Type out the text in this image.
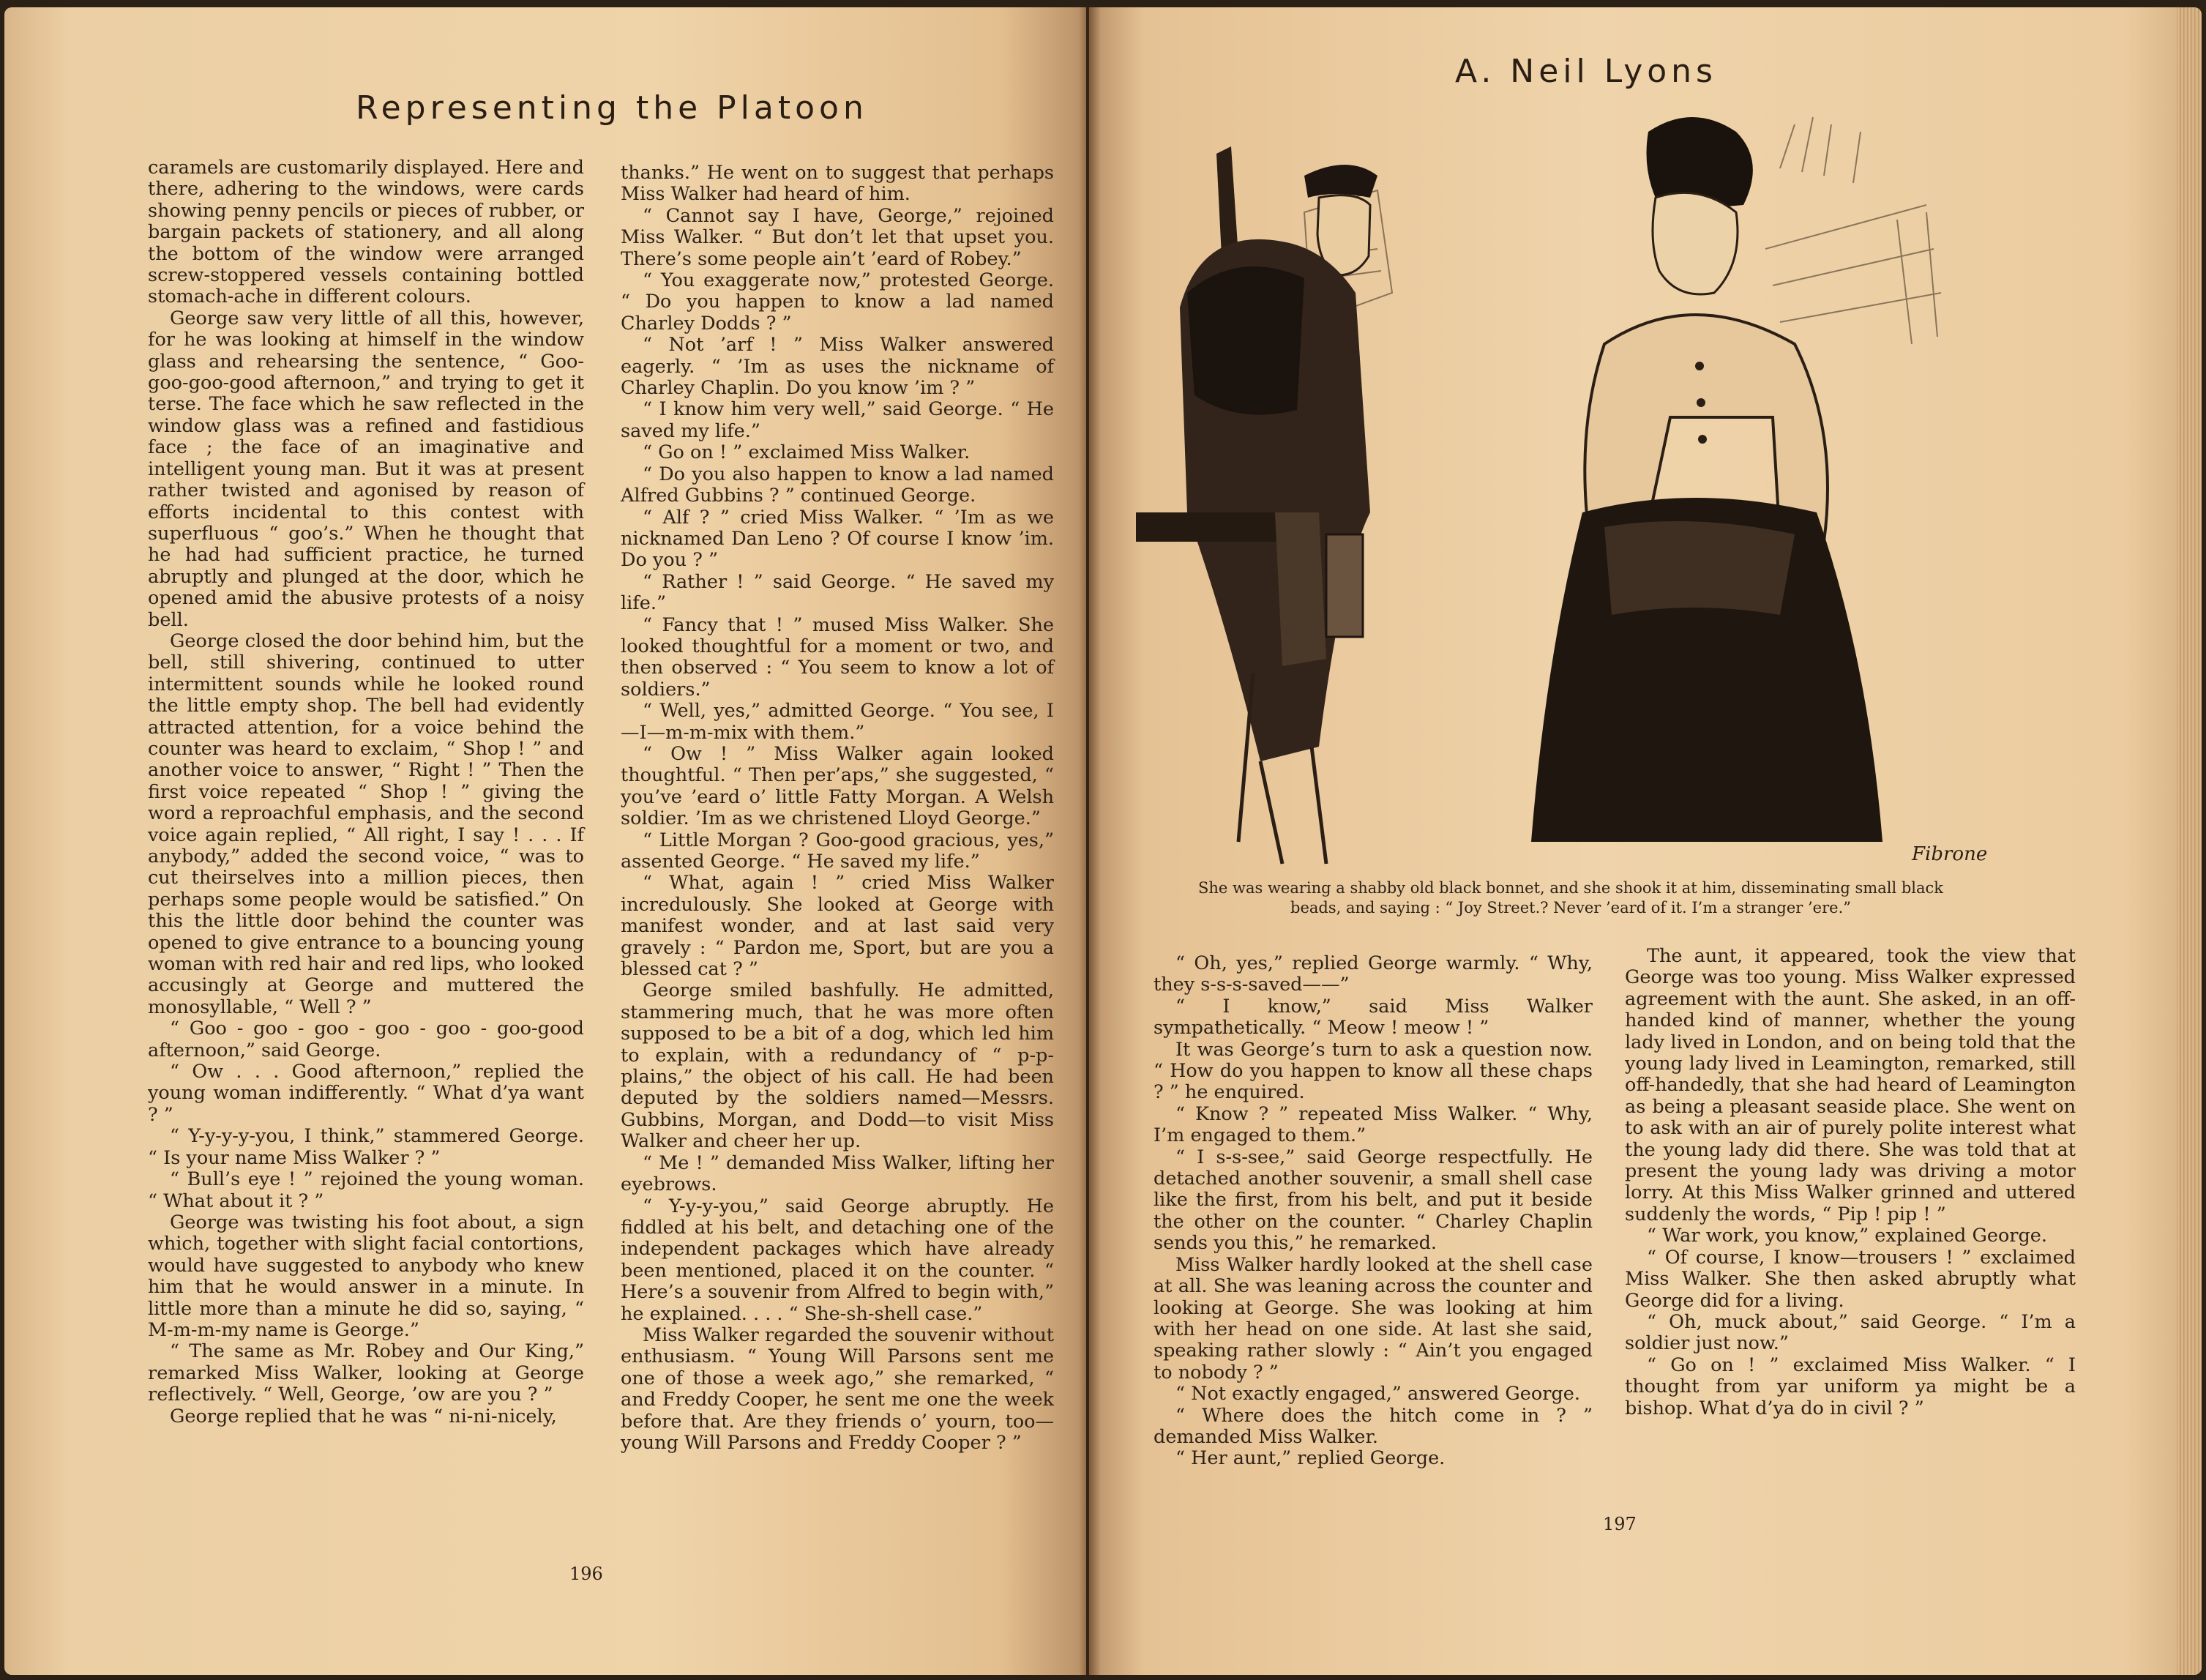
Representing the Platoon

caramels are customarily displayed. Here and there, adhering to the windows, were cards showing penny pencils or pieces of rubber, or bargain packets of stationery, and all along the bottom of the window were arranged screw-stoppered vessels containing bottled stomach-ache in different colours.

George saw very little of all this, however, for he was looking at himself in the window glass and rehearsing the sentence, “ Goo-goo-goo-good afternoon,” and trying to get it terse. The face which he saw reflected in the window glass was a refined and fastidious face ; the face of an imaginative and intelligent young man. But it was at present rather twisted and agonised by reason of efforts incidental to this contest with superfluous “ goo’s.” When he thought that he had had sufficient practice, he turned abruptly and plunged at the door, which he opened amid the abusive protests of a noisy bell.

George closed the door behind him, but the bell, still shivering, continued to utter intermittent sounds while he looked round the little empty shop. The bell had evidently attracted attention, for a voice behind the counter was heard to exclaim, “ Shop ! ” and another voice to answer, “ Right ! ” Then the first voice repeated “ Shop ! ” giving the word a reproachful emphasis, and the second voice again replied, “ All right, I say ! . . . If anybody,” added the second voice, “ was to cut theirselves into a million pieces, then perhaps some people would be satisfied.” On this the little door behind the counter was opened to give entrance to a bouncing young woman with red hair and red lips, who looked accusingly at George and muttered the monosyllable, “ Well ? ”

“ Goo - goo - goo - goo - goo - goo-good afternoon,” said George.

“ Ow . . . Good afternoon,” replied the young woman indifferently. “ What d’ya want ? ”

“ Y-y-y-y-you, I think,” stammered George. “ Is your name Miss Walker ? ”

“ Bull’s eye ! ” rejoined the young woman. “ What about it ? ”

George was twisting his foot about, a sign which, together with slight facial contortions, would have suggested to anybody who knew him that he would answer in a minute. In little more than a minute he did so, saying, “ M-m-m-my name is George.”

“ The same as Mr. Robey and Our King,” remarked Miss Walker, looking at George reflectively. “ Well, George, ’ow are you ? ”

George replied that he was “ ni-ni-nicely,

thanks.” He went on to suggest that perhaps Miss Walker had heard of him.

“ Cannot say I have, George,” rejoined Miss Walker. “ But don’t let that upset you. There’s some people ain’t ’eard of Robey.”

“ You exaggerate now,” protested George. “ Do you happen to know a lad named Charley Dodds ? ”

“ Not ’arf ! ” Miss Walker answered eagerly. “ ’Im as uses the nickname of Charley Chaplin. Do you know ’im ? ”

“ I know him very well,” said George. “ He saved my life.”

“ Go on ! ” exclaimed Miss Walker.

“ Do you also happen to know a lad named Alfred Gubbins ? ” continued George.

“ Alf ? ” cried Miss Walker. “ ’Im as we nicknamed Dan Leno ? Of course I know ’im. Do you ? ”

“ Rather ! ” said George. “ He saved my life.”

“ Fancy that ! ” mused Miss Walker. She looked thoughtful for a moment or two, and then observed : “ You seem to know a lot of soldiers.”

“ Well, yes,” admitted George. “ You see, I—I—m-m-mix with them.”

“ Ow ! ” Miss Walker again looked thoughtful. “ Then per’aps,” she suggested, “ you’ve ’eard o’ little Fatty Morgan. A Welsh soldier. ’Im as we christened Lloyd George.”

“ Little Morgan ? Goo-good gracious, yes,” assented George. “ He saved my life.”

“ What, again ! ” cried Miss Walker incredulously. She looked at George with manifest wonder, and at last said very gravely : “ Pardon me, Sport, but are you a blessed cat ? ”

George smiled bashfully. He admitted, stammering much, that he was more often supposed to be a bit of a dog, which led him to explain, with a redundancy of “ p-p-plains,” the object of his call. He had been deputed by the soldiers named—Messrs. Gubbins, Morgan, and Dodd—to visit Miss Walker and cheer her up.

“ Me ! ” demanded Miss Walker, lifting her eyebrows.

“ Y-y-y-you,” said George abruptly. He fiddled at his belt, and detaching one of the independent packages which have already been mentioned, placed it on the counter. “ Here’s a souvenir from Alfred to begin with,” he explained. . . . “ She-sh-shell case.”

Miss Walker regarded the souvenir without enthusiasm. “ Young Will Parsons sent me one of those a week ago,” she remarked, “ and Freddy Cooper, he sent me one the week before that. Are they friends o’ yourn, too—young Will Parsons and Freddy Cooper ? ”

196
A. Neil Lyons
Fibrone
She was wearing a shabby old black bonnet, and she shook it at him, disseminating small black beads, and saying : “ Joy Street.? Never ’eard of it. I’m a stranger ’ere.”

“ Oh, yes,” replied George warmly. “ Why, they s-s-s-saved——”

“ I know,” said Miss Walker sympathetically. “ Meow ! meow ! ”

It was George’s turn to ask a question now. “ How do you happen to know all these chaps ? ” he enquired.

“ Know ? ” repeated Miss Walker. “ Why, I’m engaged to them.”

“ I s-s-see,” said George respectfully. He detached another souvenir, a small shell case like the first, from his belt, and put it beside the other on the counter. “ Charley Chaplin sends you this,” he remarked.

Miss Walker hardly looked at the shell case at all. She was leaning across the counter and looking at George. She was looking at him with her head on one side. At last she said, speaking rather slowly : “ Ain’t you engaged to nobody ? ”

“ Not exactly engaged,” answered George.

“ Where does the hitch come in ? ” demanded Miss Walker.

“ Her aunt,” replied George.

The aunt, it appeared, took the view that George was too young. Miss Walker expressed agreement with the aunt. She asked, in an off-handed kind of manner, whether the young lady lived in London, and on being told that the young lady lived in Leamington, remarked, still off-handedly, that she had heard of Leamington as being a pleasant seaside place. She went on to ask with an air of purely polite interest what the young lady did there. She was told that at present the young lady was driving a motor lorry. At this Miss Walker grinned and uttered suddenly the words, “ Pip ! pip ! ”

“ War work, you know,” explained George.

“ Of course, I know—trousers ! ” exclaimed Miss Walker. She then asked abruptly what George did for a living.

“ Oh, muck about,” said George. “ I’m a soldier just now.”

“ Go on ! ” exclaimed Miss Walker. “ I thought from yar uniform ya might be a bishop. What d’ya do in civil ? ”

197
